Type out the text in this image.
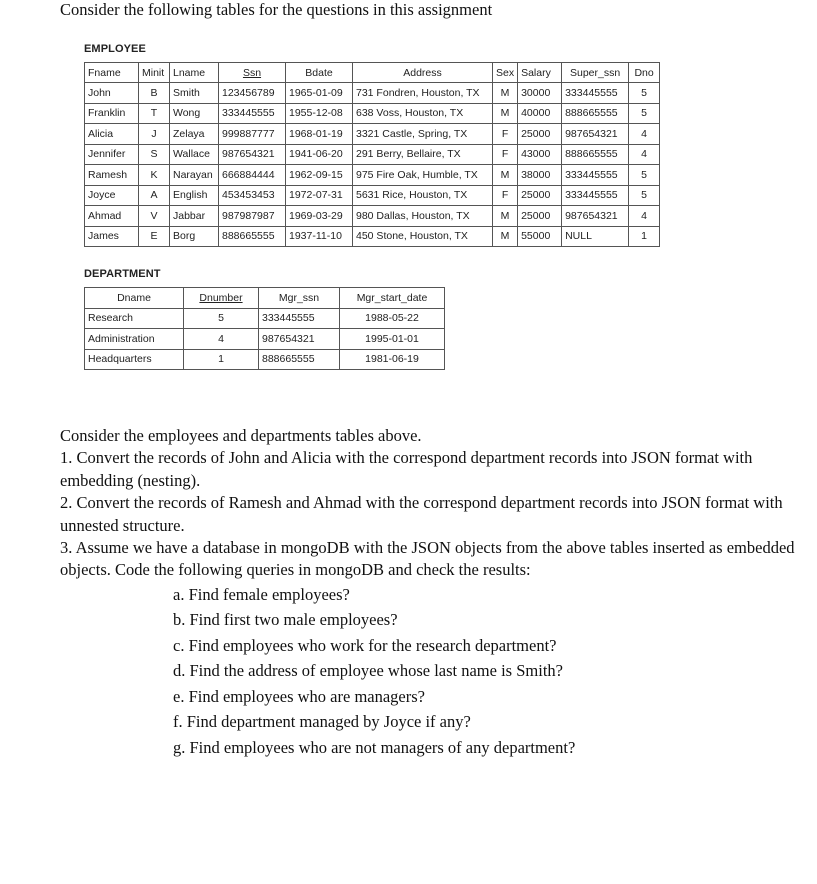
Consider the following tables for the questions in this assignment
EMPLOYEE
Fname	Minit	Lname	Ssn	Bdate	Address	Sex	Salary	Super_ssn	Dno
John	B	Smith	123456789	1965-01-09	731 Fondren, Houston, TX	M	30000	333445555	5
Franklin	T	Wong	333445555	1955-12-08	638 Voss, Houston, TX	M	40000	888665555	5
Alicia	J	Zelaya	999887777	1968-01-19	3321 Castle, Spring, TX	F	25000	987654321	4
Jennifer	S	Wallace	987654321	1941-06-20	291 Berry, Bellaire, TX	F	43000	888665555	4
Ramesh	K	Narayan	666884444	1962-09-15	975 Fire Oak, Humble, TX	M	38000	333445555	5
Joyce	A	English	453453453	1972-07-31	5631 Rice, Houston, TX	F	25000	333445555	5
Ahmad	V	Jabbar	987987987	1969-03-29	980 Dallas, Houston, TX	M	25000	987654321	4
James	E	Borg	888665555	1937-11-10	450 Stone, Houston, TX	M	55000	NULL	1
DEPARTMENT
Dname	Dnumber	Mgr_ssn	Mgr_start_date
Research	5	333445555	1988-05-22
Administration	4	987654321	1995-01-01
Headquarters	1	888665555	1981-06-19

Consider the employees and departments tables above.

1. Convert the records of John and Alicia with the correspond department records into JSON format with embedding (nesting).

2. Convert the records of Ramesh and Ahmad with the correspond department records into JSON format with unnested structure.

3. Assume we have a database in mongoDB with the JSON objects from the above tables inserted as embedded objects. Code the following queries in mongoDB and check the results:

a. Find female employees?
b. Find first two male employees?
c. Find employees who work for the research department?
d. Find the address of employee whose last name is Smith?
e. Find employees who are managers?
f. Find department managed by Joyce if any?
g. Find employees who are not managers of any department?
